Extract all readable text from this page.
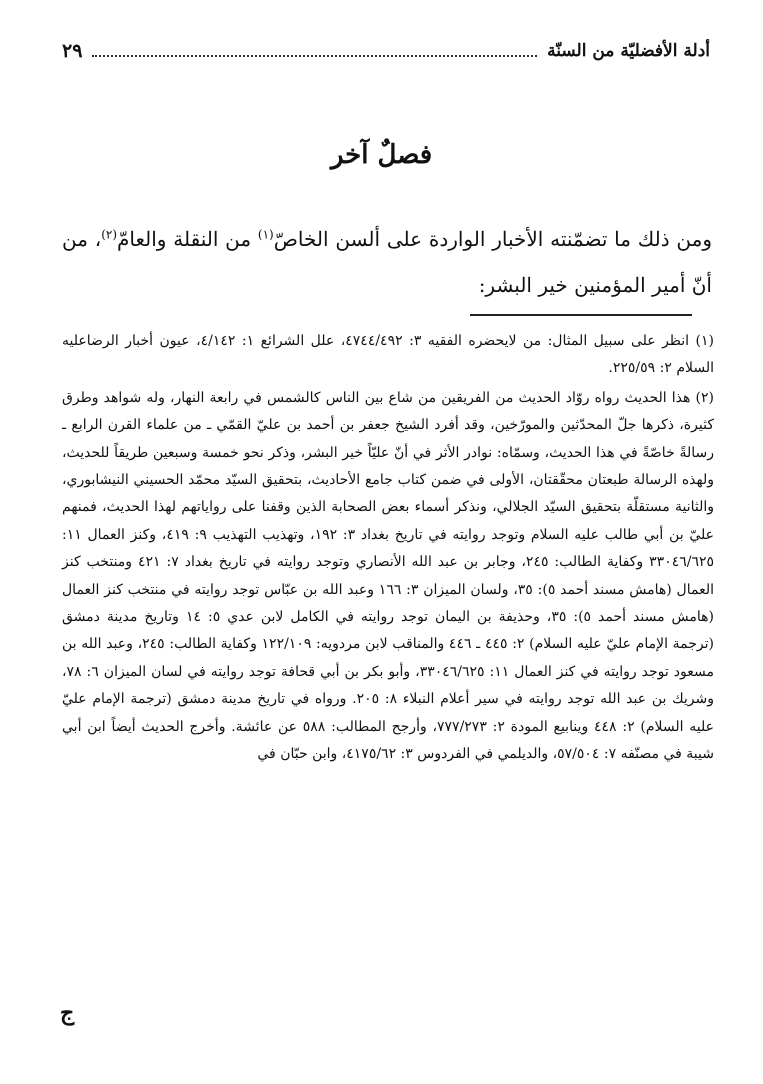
أدلة الأفضليّة من السنّة
٢٩
فصلٌ آخر

ومن ذلك ما تضمّنته الأخبار الواردة على ألسن الخاصّ$^{(١)}$ من النقلة والعامّ$^{(٢)}$، من أنّ أمير المؤمنين خير البشر:

(١) انظر على سبيل المثال: من لايحضره الفقيه ٣: ٤٧٤٤/٤٩٢، علل الشرائع ١: ٤/١٤٢، عيون أخبار الرضاعليه السلام ٢: ٢٢٥/٥٩.

(٢) هذا الحديث رواه روّاد الحديث من الفريقين من شاع بين الناس كالشمس في رابعة النهار، وله شواهد وطرق كثيرة، ذكرها جلّ المحدّثين والمورّخين، وقد أفرد الشيخ جعفر بن أحمد بن عليّ القمّي ـ من علماء القرن الرابع ـ رسالةً خاصّةً في هذا الحديث، وسمّاه: نوادر الأثر في أنّ عليّاً خير البشر، وذكر نحو خمسة وسبعين طريقاً للحديث، ولهذه الرسالة طبعتان محقّقتان، الأولى في ضمن كتاب جامع الأحاديث، بتحقيق السيّد محمّد الحسيني النيشابوري، والثانية مستقلّة بتحقيق السيّد الجلالي، ونذكر أسماء بعض الصحابة الذين وقفنا على رواياتهم لهذا الحديث، فمنهم عليّ بن أبي طالب عليه السلام وتوجد روايته في تاريخ بغداد ٣: ١٩٢، وتهذيب التهذيب ٩: ٤١٩، وكنز العمال ١١: ٣٣٠٤٦/٦٢٥ وكفاية الطالب: ٢٤٥، وجابر بن عبد الله الأنصاري وتوجد روايته في تاريخ بغداد ٧: ٤٢١ ومنتخب كنز العمال (هامش مسند أحمد ٥): ٣٥، ولسان الميزان ٣: ١٦٦ وعبد الله بن عبّاس توجد روايته في منتخب كنز العمال (هامش مسند أحمد ٥): ٣٥، وحذيفة بن اليمان توجد روايته في الكامل لابن عدي ٥: ١٤ وتاريخ مدينة دمشق (ترجمة الإمام عليّ عليه السلام) ٢: ٤٤٥ ـ ٤٤٦ والمناقب لابن مردويه: ١٢٢/١٠٩ وكفاية الطالب: ٢٤٥، وعبد الله بن مسعود توجد روايته في كنز العمال ١١: ٣٣٠٤٦/٦٢٥، وأبو بكر بن أبي قحافة توجد روايته في لسان الميزان ٦: ٧٨، وشريك بن عبد الله توجد روايته في سير أعلام النبلاء ٨: ٢٠٥. ورواه في تاريخ مدينة دمشق (ترجمة الإمام عليّ عليه السلام) ٢: ٤٤٨ وينابيع المودة ٢: ٧٧٧/٢٧٣، وأرجح المطالب: ٥٨٨ عن عائشة. وأخرج الحديث أيضاً ابن أبي شيبة في مصنّفه ٧: ٥٧/٥٠٤، والديلمي في الفردوس ٣: ٤١٧٥/٦٢، وابن حبّان في

ج
